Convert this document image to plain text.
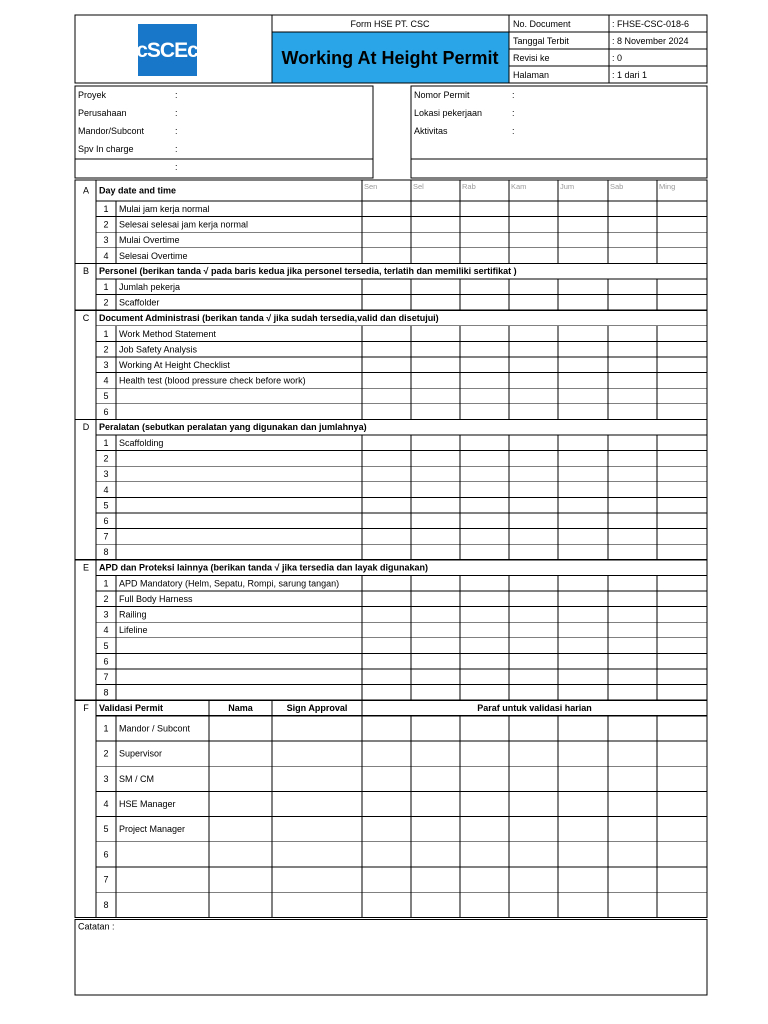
Form HSE PT. CSC
Working At Height Permit
cSCEc
No. Document	: FHSE-CSC-018-6
Tanggal Terbit	: 8 November 2024
Revisi ke	: 0
Halaman	: 1 dari 1
Proyek	:
Perusahaan	:
Mandor/Subcont	:
Spv In charge	:
:
Nomor Permit	:
Lokasi pekerjaan	:
Aktivitas	:
A Day date and time	Sen	Sel	Rab	Kam	Jum	Sab	Ming
1 Mulai jam kerja normal
2 Selesai selesai jam kerja normal
3 Mulai Overtime
4 Selesai Overtime
B Personel (berikan tanda √ pada baris kedua jika personel tersedia, terlatih dan memiliki sertifikat )
1 Jumlah pekerja
2 Scaffolder
C Document Administrasi (berikan tanda √ jika sudah tersedia,valid dan disetujui)
1 Work Method Statement
2 Job Safety Analysis
3 Working At Height Checklist
4 Health test (blood pressure check before work)
5
6
D Peralatan (sebutkan peralatan yang digunakan dan jumlahnya)
1 Scaffolding
2
3
4
5
6
7
8
E APD dan Proteksi lainnya (berikan tanda √ jika tersedia dan layak digunakan)
1 APD Mandatory (Helm, Sepatu, Rompi, sarung tangan)
2 Full Body Harness
3 Railing
4 Lifeline
5
6
7
8
F Validasi Permit	Nama	Sign Approval	Paraf untuk validasi harian
1 Mandor / Subcont
2 Supervisor
3 SM / CM
4 HSE Manager
5 Project Manager
6
7
8
Catatan :
